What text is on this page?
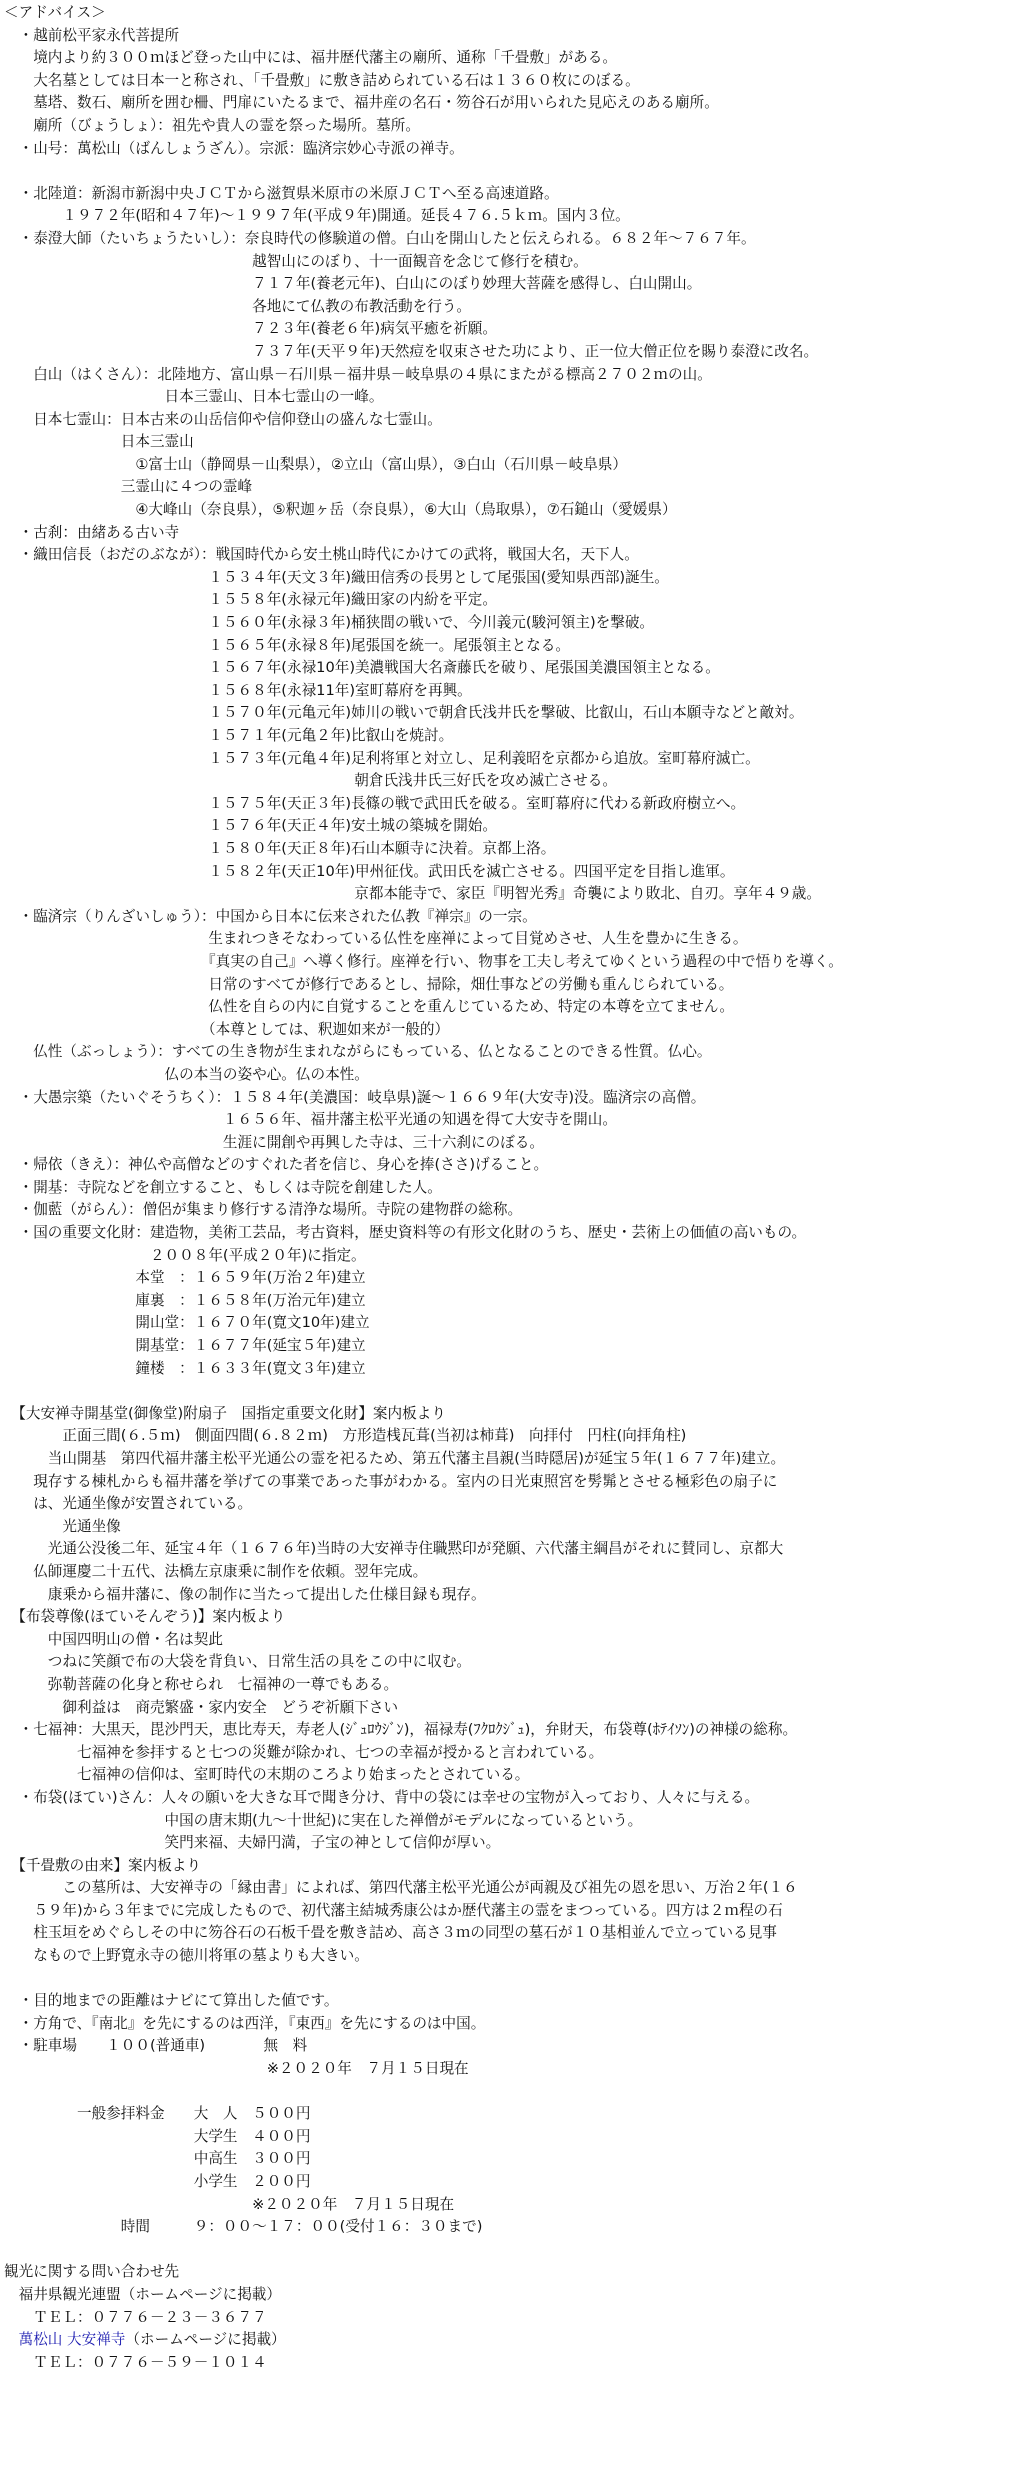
＜アドバイス＞
　・越前松平家永代菩提所
　　境内より約３００ｍほど登った山中には、福井歴代藩主の廟所、通称「千畳敷」がある。
　　大名墓としては日本一と称され、「千畳敷」に敷き詰められている石は１３６０枚にのぼる。
　　墓塔、数石、廟所を囲む柵、門扉にいたるまで、福井産の名石・笏谷石が用いられた見応えのある廟所。
　　廟所（びょうしょ）：祖先や貴人の霊を祭った場所。墓所。
　・山号：萬松山（ばんしょうざん）。宗派：臨済宗妙心寺派の禅寺。
　・北陸道：新潟市新潟中央ＪＣＴから滋賀県米原市の米原ＪＣＴへ至る高速道路。
　　　　１９７２年(昭和４７年)～１９９７年(平成９年)開通。延長４７６.５ｋｍ。国内３位。
　・泰澄大師（たいちょうたいし）：奈良時代の修験道の僧。白山を開山したと伝えられる。６８２年～７６７年。
　　　　　　　　　　　　　　　　　越智山にのぼり、十一面観音を念じて修行を積む。
　　　　　　　　　　　　　　　　　７１７年(養老元年)、白山にのぼり妙理大菩薩を感得し、白山開山。
　　　　　　　　　　　　　　　　　各地にて仏教の布教活動を行う。
　　　　　　　　　　　　　　　　　７２３年(養老６年)病気平癒を祈願。
　　　　　　　　　　　　　　　　　７３７年(天平９年)天然痘を収束させた功により、正一位大僧正位を賜り泰澄に改名。
　　白山（はくさん）：北陸地方、富山県－石川県－福井県－岐阜県の４県にまたがる標高２７０２ｍの山。
　　　　　　　　　　　日本三霊山、日本七霊山の一峰。
　　日本七霊山：日本古来の山岳信仰や信仰登山の盛んな七霊山。
　　　　　　　　日本三霊山
　　　　　　　　　①富士山（静岡県－山梨県），②立山（富山県），③白山（石川県－岐阜県）
　　　　　　　　三霊山に４つの霊峰
　　　　　　　　　④大峰山（奈良県），⑤釈迦ヶ岳（奈良県），⑥大山（鳥取県），⑦石鎚山（愛媛県）
　・古刹：由緒ある古い寺
　・織田信長（おだのぶなが）：戦国時代から安土桃山時代にかけての武将，戦国大名，天下人。
　　　　　　　　　　　　　　１５３４年(天文３年)織田信秀の長男として尾張国(愛知県西部)誕生。
　　　　　　　　　　　　　　１５５８年(永禄元年)織田家の内紛を平定。
　　　　　　　　　　　　　　１５６０年(永禄３年)桶狭間の戦いで、今川義元(駿河領主)を撃破。
　　　　　　　　　　　　　　１５６５年(永禄８年)尾張国を統一。尾張領主となる。
　　　　　　　　　　　　　　１５６７年(永禄10年)美濃戦国大名斎藤氏を破り、尾張国美濃国領主となる。
　　　　　　　　　　　　　　１５６８年(永禄11年)室町幕府を再興。
　　　　　　　　　　　　　　１５７０年(元亀元年)姉川の戦いで朝倉氏浅井氏を撃破、比叡山，石山本願寺などと敵対。
　　　　　　　　　　　　　　１５７１年(元亀２年)比叡山を焼討。
　　　　　　　　　　　　　　１５７３年(元亀４年)足利将軍と対立し、足利義昭を京都から追放。室町幕府滅亡。
　　　　　　　　　　　　　　　　　　　　　　　　朝倉氏浅井氏三好氏を攻め滅亡させる。
　　　　　　　　　　　　　　１５７５年(天正３年)長篠の戦で武田氏を破る。室町幕府に代わる新政府樹立へ。
　　　　　　　　　　　　　　１５７６年(天正４年)安土城の築城を開始。
　　　　　　　　　　　　　　１５８０年(天正８年)石山本願寺に決着。京都上洛。
　　　　　　　　　　　　　　１５８２年(天正10年)甲州征伐。武田氏を滅亡させる。四国平定を目指し進軍。
　　　　　　　　　　　　　　　　　　　　　　　　京都本能寺で、家臣『明智光秀』奇襲により敗北、自刃。享年４９歳。
　・臨済宗（りんざいしゅう）：中国から日本に伝来された仏教『禅宗』の一宗。
　　　　　　　　　　　　　　生まれつきそなわっている仏性を座禅によって目覚めさせ、人生を豊かに生きる。
　　　　　　　　　　　　　　『真実の自己』へ導く修行。座禅を行い、物事を工夫し考えてゆくという過程の中で悟りを導く。
　　　　　　　　　　　　　　日常のすべてが修行であるとし、掃除，畑仕事などの労働も重んじられている。
　　　　　　　　　　　　　　仏性を自らの内に自覚することを重んじているため、特定の本尊を立てません。
　　　　　　　　　　　　　　（本尊としては、釈迦如来が一般的）
　　仏性（ぶっしょう）：すべての生き物が生まれながらにもっている、仏となることのできる性質。仏心。
　　　　　　　　　　　仏の本当の姿や心。仏の本性。
　・大愚宗築（たいぐそうちく）：１５８４年(美濃国：岐阜県)誕～１６６９年(大安寺)没。臨済宗の高僧。
　　　　　　　　　　　　　　　１６５６年、福井藩主松平光通の知遇を得て大安寺を開山。
　　　　　　　　　　　　　　　生涯に開創や再興した寺は、三十六刹にのぼる。
　・帰依（きえ）：神仏や高僧などのすぐれた者を信じ、身心を捧(ささ)げること。
　・開基：寺院などを創立すること、もしくは寺院を創建した人。
　・伽藍（がらん）：僧侶が集まり修行する清浄な場所。寺院の建物群の総称。
　・国の重要文化財：建造物，美術工芸品，考古資料，歴史資料等の有形文化財のうち、歴史・芸術上の価値の高いもの。
　　　　　　　　　　２００８年(平成２０年)に指定。
　　　　　　　　　本堂　：１６５９年(万治２年)建立
　　　　　　　　　庫裏　：１６５８年(万治元年)建立
　　　　　　　　　開山堂：１６７０年(寛文10年)建立
　　　　　　　　　開基堂：１６７７年(延宝５年)建立
　　　　　　　　　鐘楼　：１６３３年(寛文３年)建立
　【大安禅寺開基堂(御像堂)附扇子　国指定重要文化財】案内板より
　　　　正面三間(６.５ｍ)　側面四間(６.８２ｍ)　方形造桟瓦葺(当初は柿葺)　向拝付　円柱(向拝角柱)
　　　当山開基　第四代福井藩主松平光通公の霊を祀るため、第五代藩主昌親(当時隠居)が延宝５年(１６７７年)建立。
　　現存する棟札からも福井藩を挙げての事業であった事がわかる。室内の日光東照宮を髣髴とさせる極彩色の扇子に
　　は、光通坐像が安置されている。
　　　　光通坐像
　　　光通公没後二年、延宝４年（１６７６年)当時の大安禅寺住職黙印が発願、六代藩主綱昌がそれに賛同し、京都大
　　仏師運慶二十五代、法橋左京康乗に制作を依頼。翌年完成。
　　　康乗から福井藩に、像の制作に当たって提出した仕様目録も現存。
　【布袋尊像(ほていそんぞう)】案内板より
　　　中国四明山の僧・名は契此
　　　つねに笑顔で布の大袋を背負い、日常生活の具をこの中に収む。
　　　弥勒菩薩の化身と称せられ　七福神の一尊でもある。
　　　　御利益は　商売繁盛・家内安全　どうぞ祈願下さい
　・七福神：大黒天，毘沙門天，恵比寿天，寿老人(ｼﾞｭﾛｳｼﾞﾝ)，福禄寿(ﾌｸﾛｸｼﾞｭ)，弁財天，布袋尊(ﾎﾃｲｿﾝ)の神様の総称。
　　　　　七福神を参拝すると七つの災難が除かれ、七つの幸福が授かると言われている。
　　　　　七福神の信仰は、室町時代の末期のころより始まったとされている。
　・布袋(ほてい)さん：人々の願いを大きな耳で聞き分け、背中の袋には幸せの宝物が入っており、人々に与える。
　　　　　　　　　　　中国の唐末期(九～十世紀)に実在した禅僧がモデルになっているという。
　　　　　　　　　　　笑門来福、夫婦円満，子宝の神として信仰が厚い。
　【千畳敷の由来】案内板より
　　　　この墓所は、大安禅寺の「縁由書」によれば、第四代藩主松平光通公が両親及び祖先の恩を思い、万治２年(１６
　　５９年)から３年までに完成したもので、初代藩主結城秀康公はか歴代藩主の霊をまつっている。四方は２ｍ程の石
　　柱玉垣をめぐらしその中に笏谷石の石板千畳を敷き詰め、高さ３ｍの同型の墓石が１０基相並んで立っている見事
　　なもので上野寛永寺の徳川将軍の墓よりも大きい。
　・目的地までの距離はナビにて算出した値です。
　・方角で、『南北』を先にするのは西洋，『東西』を先にするのは中国。
　・駐車場　　１００(普通車)　　　　無　料
　　　　　　　　　　　　　　　　　　※２０２０年　７月１５日現在
　　　　　一般参拝料金　　大　人　５００円
　　　　　　　　　　　　　大学生　４００円
　　　　　　　　　　　　　中高生　３００円
　　　　　　　　　　　　　小学生　２００円
　　　　　　　　　　　　　　　　　※２０２０年　７月１５日現在
　　　　　　　　時間　　　９：００～１７：００(受付１６：３０まで)
観光に関する問い合わせ先
　福井県観光連盟（ホームページに掲載）
　　ＴＥＬ：０７７６－２３－３６７７
　萬松山 大安禅寺（ホームページに掲載）
　　ＴＥＬ：０７７６－５９－１０１４
